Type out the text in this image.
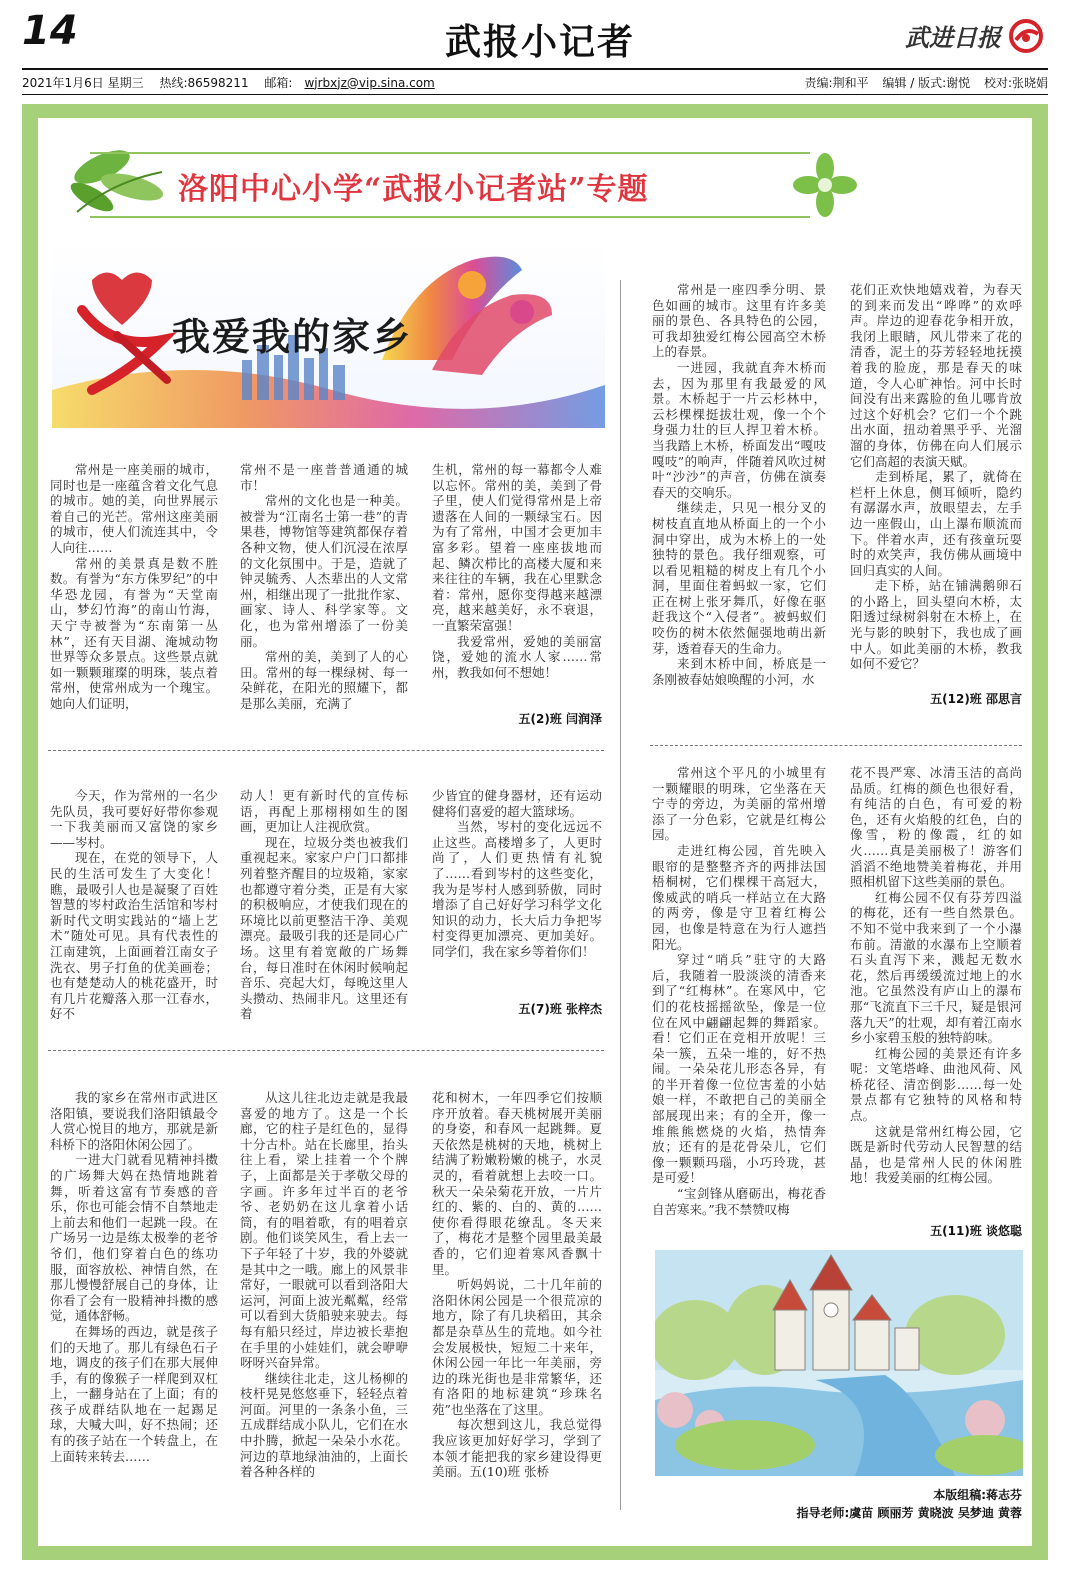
14	武报小记者	武进日报
2021年1月6日 星期三 热线:86598211 邮箱: wjrbxjz@vip.sina.com	责编:荆和平 编辑 / 版式:谢悦 校对:张晓娟
洛阳中心小学“武报小记者站”专题
我爱我的家乡

常州是一座美丽的城市，同时也是一座蕴含着文化气息的城市。她的美，向世界展示着自己的光芒。常州这座美丽的城市，使人们流连其中，令人向往……

常州的美景真是数不胜数。有誉为“东方侏罗纪”的中华恐龙园，有誉为“天堂南山，梦幻竹海”的南山竹海，天宁寺被誉为“东南第一丛林”，还有天目湖、淹城动物世界等众多景点。这些景点就如一颗颗璀璨的明珠，装点着常州，使常州成为一个瑰宝。她向人们证明，

常州不是一座普普通通的城市！

常州的文化也是一种美。被誉为“江南名士第一巷”的青果巷，博物馆等建筑都保存着各种文物，使人们沉浸在浓厚的文化氛围中。于是，造就了钟灵毓秀、人杰辈出的人文常州，相继出现了一批批作家、画家、诗人、科学家等。文化，也为常州增添了一份美丽。

常州的美，美到了人的心田。常州的每一棵绿树、每一朵鲜花，在阳光的照耀下，都是那么美丽，充满了

生机，常州的每一幕都令人难以忘怀。常州的美，美到了骨子里，使人们觉得常州是上帝遗落在人间的一颗绿宝石。因为有了常州，中国才会更加丰富多彩。望着一座座拔地而起、鳞次栉比的高楼大厦和来来往往的车辆，我在心里默念着：常州，愿你变得越来越漂亮，越来越美好，永不衰退，一直繁荣富强！

我爱常州，爱她的美丽富饶，爱她的流水人家……常州，教我如何不想她！

五(2)班 闫润泽

常州是一座四季分明、景色如画的城市。这里有许多美丽的景色、各具特色的公园，可我却独爱红梅公园高空木桥上的春景。

一进园，我就直奔木桥而去，因为那里有我最爱的风景。木桥起于一片云杉林中，云杉棵棵挺拔壮观，像一个个身强力壮的巨人捍卫着木桥。当我踏上木桥，桥面发出“嘎吱嘎吱”的响声，伴随着风吹过树叶“沙沙”的声音，仿佛在演奏春天的交响乐。

继续走，只见一根分叉的树枝直直地从桥面上的一个小洞中穿出，成为木桥上的一处独特的景色。我仔细观察，可以看见粗糙的树皮上有几个小洞，里面住着蚂蚁一家，它们正在树上张牙舞爪，好像在驱赶我这个“入侵者”。被蚂蚁们咬伤的树木依然倔强地萌出新芽，透着春天的生命力。

来到木桥中间，桥底是一条刚被春姑娘唤醒的小河，水

花们正欢快地嬉戏着，为春天的到来而发出“哗哗”的欢呼声。岸边的迎春花争相开放，我闭上眼睛，风儿带来了花的清香，泥土的芬芳轻轻地抚摸着我的脸庞，那是春天的味道，令人心旷神怡。河中长时间没有出来露脸的鱼儿哪肯放过这个好机会？它们一个个跳出水面，扭动着黑乎乎、光溜溜的身体，仿佛在向人们展示它们高超的表演天赋。

走到桥尾，累了，就倚在栏杆上休息，侧耳倾听，隐约有潺潺水声，放眼望去，左手边一座假山，山上瀑布顺流而下。伴着水声，还有孩童玩耍时的欢笑声，我仿佛从画境中回归真实的人间。

走下桥，站在铺满鹅卵石的小路上，回头望向木桥，太阳透过绿树斜射在木桥上，在光与影的映射下，我也成了画中人。如此美丽的木桥，教我如何不爱它？

五(12)班 邵思言

今天，作为常州的一名少先队员，我可要好好带你参观一下我美丽而又富饶的家乡——岑村。

现在，在党的领导下，人民的生活可发生了大变化！瞧，最吸引人也是凝聚了百姓智慧的岑村政治生活馆和岑村新时代文明实践站的“墙上艺术”随处可见。具有代表性的江南建筑，上面画着江南女子洗衣、男子打鱼的优美画卷；也有楚楚动人的桃花盛开，时有几片花瓣落入那一江春水，好不

动人！更有新时代的宣传标语，再配上那栩栩如生的图画，更加让人注视欣赏。

现在，垃圾分类也被我们重视起来。家家户户门口都排列着整齐醒目的垃圾箱，家家也都遵守着分类，正是有大家的积极响应，才使我们现在的环境比以前更整洁干净、美观漂亮。最吸引我的还是同心广场。这里有着宽敞的广场舞台，每日准时在休闲时候响起音乐、亮起大灯，每晚这里人头攒动、热闹非凡。这里还有着

少皆宜的健身器材，还有运动健将们喜爱的超大篮球场。

当然，岑村的变化远远不止这些。高楼增多了，人更时尚了，人们更热情有礼貌了……看到岑村的这些变化，我为是岑村人感到骄傲，同时增添了自己好好学习科学文化知识的动力，长大后力争把岑村变得更加漂亮、更加美好。同学们，我在家乡等着你们！

五(7)班 张梓杰

常州这个平凡的小城里有一颗耀眼的明珠，它坐落在天宁寺的旁边，为美丽的常州增添了一分色彩，它就是红梅公园。

走进红梅公园，首先映入眼帘的是整整齐齐的两排法国梧桐树，它们棵棵干高冠大，像威武的哨兵一样站立在大路的两旁，像是守卫着红梅公园，也像是特意在为行人遮挡阳光。

穿过“哨兵”驻守的大路后，我随着一股淡淡的清香来到了“红梅林”。在寒风中，它们的花枝摇摇欲坠，像是一位位在风中翩翩起舞的舞蹈家。看！它们正在竞相开放呢！三朵一簇，五朵一堆的，好不热闹。一朵朵花儿形态各异，有的半开着像一位位害羞的小姑娘一样，不敢把自己的美丽全部展现出来；有的全开，像一堆熊熊燃烧的火焰，热情奔放；还有的是花骨朵儿，它们像一颗颗玛瑙，小巧玲珑，甚是可爱！

“宝剑锋从磨砺出，梅花香自苦寒来。”我不禁赞叹梅

花不畏严寒、冰清玉洁的高尚品质。红梅的颜色也很好看，有纯洁的白色，有可爱的粉色，还有火焰般的红色，白的像雪，粉的像霞，红的如火……真是美丽极了！游客们滔滔不绝地赞美着梅花，并用照相机留下这些美丽的景色。

红梅公园不仅有芬芳四溢的梅花，还有一些自然景色。不知不觉中我来到了一个小瀑布前。清澈的水瀑布上空顺着石头直泻下来，溅起无数水花，然后再缓缓流过地上的水池。它虽然没有庐山上的瀑布那“飞流直下三千尺，疑是银河落九天”的壮观，却有着江南水乡小家碧玉般的独特韵味。

红梅公园的美景还有许多呢：文笔塔峰、曲池风荷、风桥花径、清峦倒影……每一处景点都有它独特的风格和特点。

这就是常州红梅公园，它既是新时代劳动人民智慧的结晶，也是常州人民的休闲胜地！我爱美丽的红梅公园。

五(11)班 谈悠聪

我的家乡在常州市武进区洛阳镇，要说我们洛阳镇最令人赏心悦目的地方，那就是新科桥下的洛阳休闲公园了。

一进大门就看见精神抖擞的广场舞大妈在热情地跳着舞，听着这富有节奏感的音乐，你也可能会情不自禁地走上前去和他们一起跳一段。在广场另一边是练太极拳的老爷爷们，他们穿着白色的练功服，面容放松、神情自然，在那儿慢慢舒展自己的身体，让你看了会有一股精神抖擞的感觉，通体舒畅。

在舞场的西边，就是孩子们的天地了。那儿有绿色石子地，调皮的孩子们在那大展伸手，有的像猴子一样爬到双杠上，一翻身站在了上面；有的孩子成群结队地在一起踢足球，大喊大叫，好不热闹；还有的孩子站在一个转盘上，在上面转来转去……

从这儿往北边走就是我最喜爱的地方了。这是一个长廊，它的柱子是红色的，显得十分古朴。站在长廊里，抬头往上看，梁上挂着一个个牌子，上面都是关于孝敬父母的字画。许多年过半百的老爷爷、老奶奶在这儿拿着小话筒，有的唱着歌，有的唱着京剧。他们谈笑风生，看上去一下子年轻了十岁，我的外婆就是其中之一哦。廊上的风景非常好，一眼就可以看到洛阳大运河，河面上波光粼粼，经常可以看到大货船驶来驶去。每每有船只经过，岸边被长辈抱在手里的小娃娃们，就会咿咿呀呀兴奋异常。

继续往北走，这儿杨柳的枝杆晃晃悠悠垂下，轻轻点着河面。河里的一条条小鱼，三五成群结成小队儿，它们在水中扑腾，掀起一朵朵小水花。河边的草地绿油油的，上面长着各种各样的

花和树木，一年四季它们按顺序开放着。春天桃树展开美丽的身姿，和春风一起跳舞。夏天依然是桃树的天地，桃树上结满了粉嫩粉嫩的桃子，水灵灵的，看着就想上去咬一口。秋天一朵朵菊花开放，一片片红的、紫的、白的、黄的……使你看得眼花缭乱。冬天来了，梅花才是整个园里最美最香的，它们迎着寒风香飘十里。

听妈妈说，二十几年前的洛阳休闲公园是一个很荒凉的地方，除了有几块稻田，其余都是杂草丛生的荒地。如今社会发展极快，短短二十来年，休闲公园一年比一年美丽，旁边的珠光街也是非常繁华，还有洛阳的地标建筑“珍珠名苑”也坐落在了这里。

每次想到这儿，我总觉得我应该更加好好学习，学到了本领才能把我的家乡建设得更美丽。五(10)班 张桥

本版组稿:蒋志芬
指导老师:虞苗 顾丽芳 黄晓波 吴梦迪 黄蓉
